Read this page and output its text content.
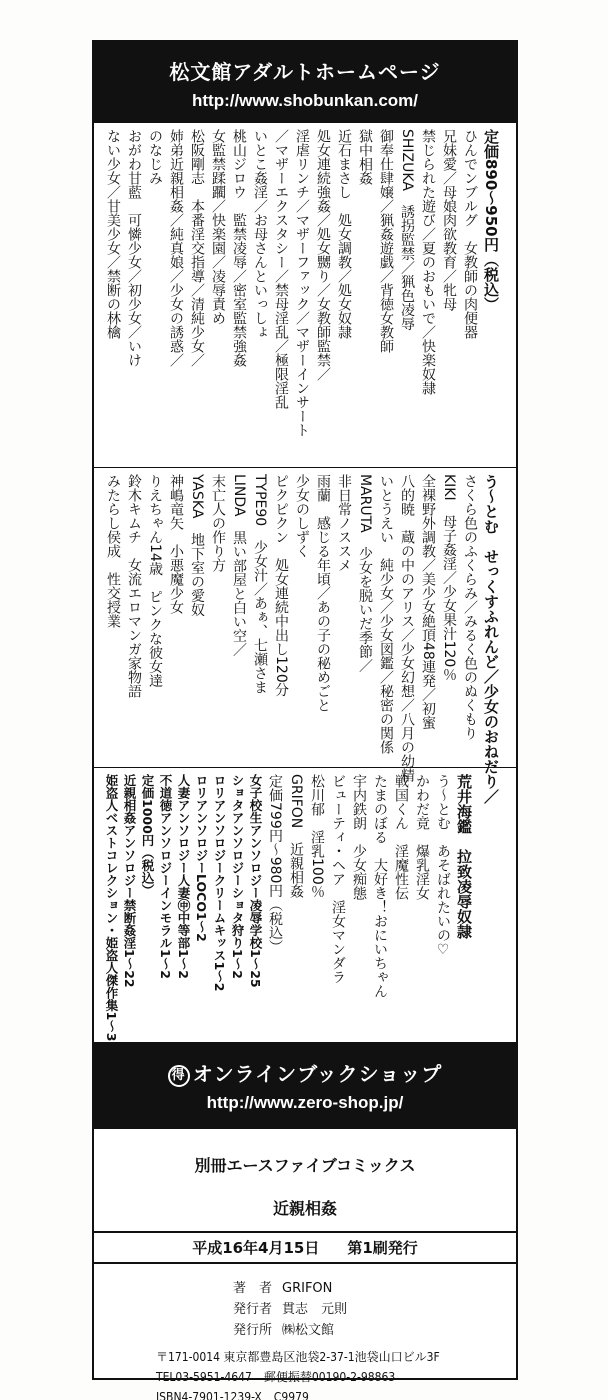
松文館アダルトホームページ
http://www.shobunkan.com/
定価890〜950円（税込）
ひんでンブルグ　女教師の肉便器
兄妹愛／母娘肉欲教育／牝母
禁じられた遊び／夏のおもいで／快楽奴隷
SHIZUKA　誘拐監禁／猟色凌辱
御奉仕肆嬢／猟姦遊戯／背徳女教師
獄中相姦
近石まさし　処女調教／処女奴隷
処女連続強姦／処女嬲り／女教師監禁／
淫虐リンチ／マザーファック／マザーインサート
／マザーエクスタシー／禁母淫乱／極限淫乱
いとこ姦淫／お母さんといっしょ
桃山ジロウ　監禁凌辱／密室監禁強姦
女監禁蹂躙／快楽園／凌辱責め
松阪剛志　本番淫交指導／清純少女／
姉弟近親相姦／純真娘／少女の誘惑／
のなじみ
おがわ甘藍　可憐少女／初少女／いけ
ない少女／甘美少女／禁断の林檎
う〜とむ　せっくすふれんど／少女のおねだり／
さくら色のふくらみ／みるく色のぬくもり
KIKI　母子姦淫／少女果汁120％
全裸野外調教／美少女絶頂48連発／初蜜
八的暁　蔵の中のアリス／少女幻想／八月の幼精
いとうえい　純少女／少女図鑑／秘密の関係
MARUTA　少女を脱いだ季節／
非日常ノススメ
雨蘭　感じる年頃／あの子の秘めごと
少女のしずく
ピクピクン　処女連続中出し120分
TYPE90　少女汁／あぁ、七瀬さま
LINDA　黒い部屋と白い空／
末亡人の作り方
YASKA　地下室の愛奴
神嶋竜矢　小悪魔少女
りえちゃん14歳　ピンクな彼女達
鈴木キムチ　女流エロマンガ家物語
みたらし侯成　性交授業
荒井海鑑　拉致凌辱奴隷
う〜とむ　あそばれたいの♡
かわだ竟　爆乳淫女
戦国くん　淫魔性伝
たまのぼる　大好き！おにいちゃん
宇内鉄朗　少女痴態
ビューティ・ヘア　淫女マンダラ
松川郁　淫乳100％
GRIFON　近親相姦
定価799円〜980円（税込）
女子校生アンソロジー凌辱学校1〜25
ショタアンソロジーショタ狩り1〜2
ロリアンソロジークリームキッス1〜2
ロリアンソロジーLOCO1〜2
人妻アンソロジー人妻㊥中等部1〜2
不道徳アンソロジーインモラル1〜2
定価1000円（税込）
近親相姦アンソロジー禁断姦淫1〜22
姫盗人ベストコレクション・姫盗人傑作集1〜3
得 オンラインブックショップ
http://www.zero-shop.jp/
別冊エースファイブコミックス
近親相姦
平成16年4月15日	第1刷発行
著　者 GRIFON
発行者 貫志　元則
発行所 ㈱松文館
〒171-0014 東京都豊島区池袋2-37-1池袋山口ビル3F
TEL03-5951-4647　郵便振替00190-2-98863
ISBN4-7901-1239-X　C9979
